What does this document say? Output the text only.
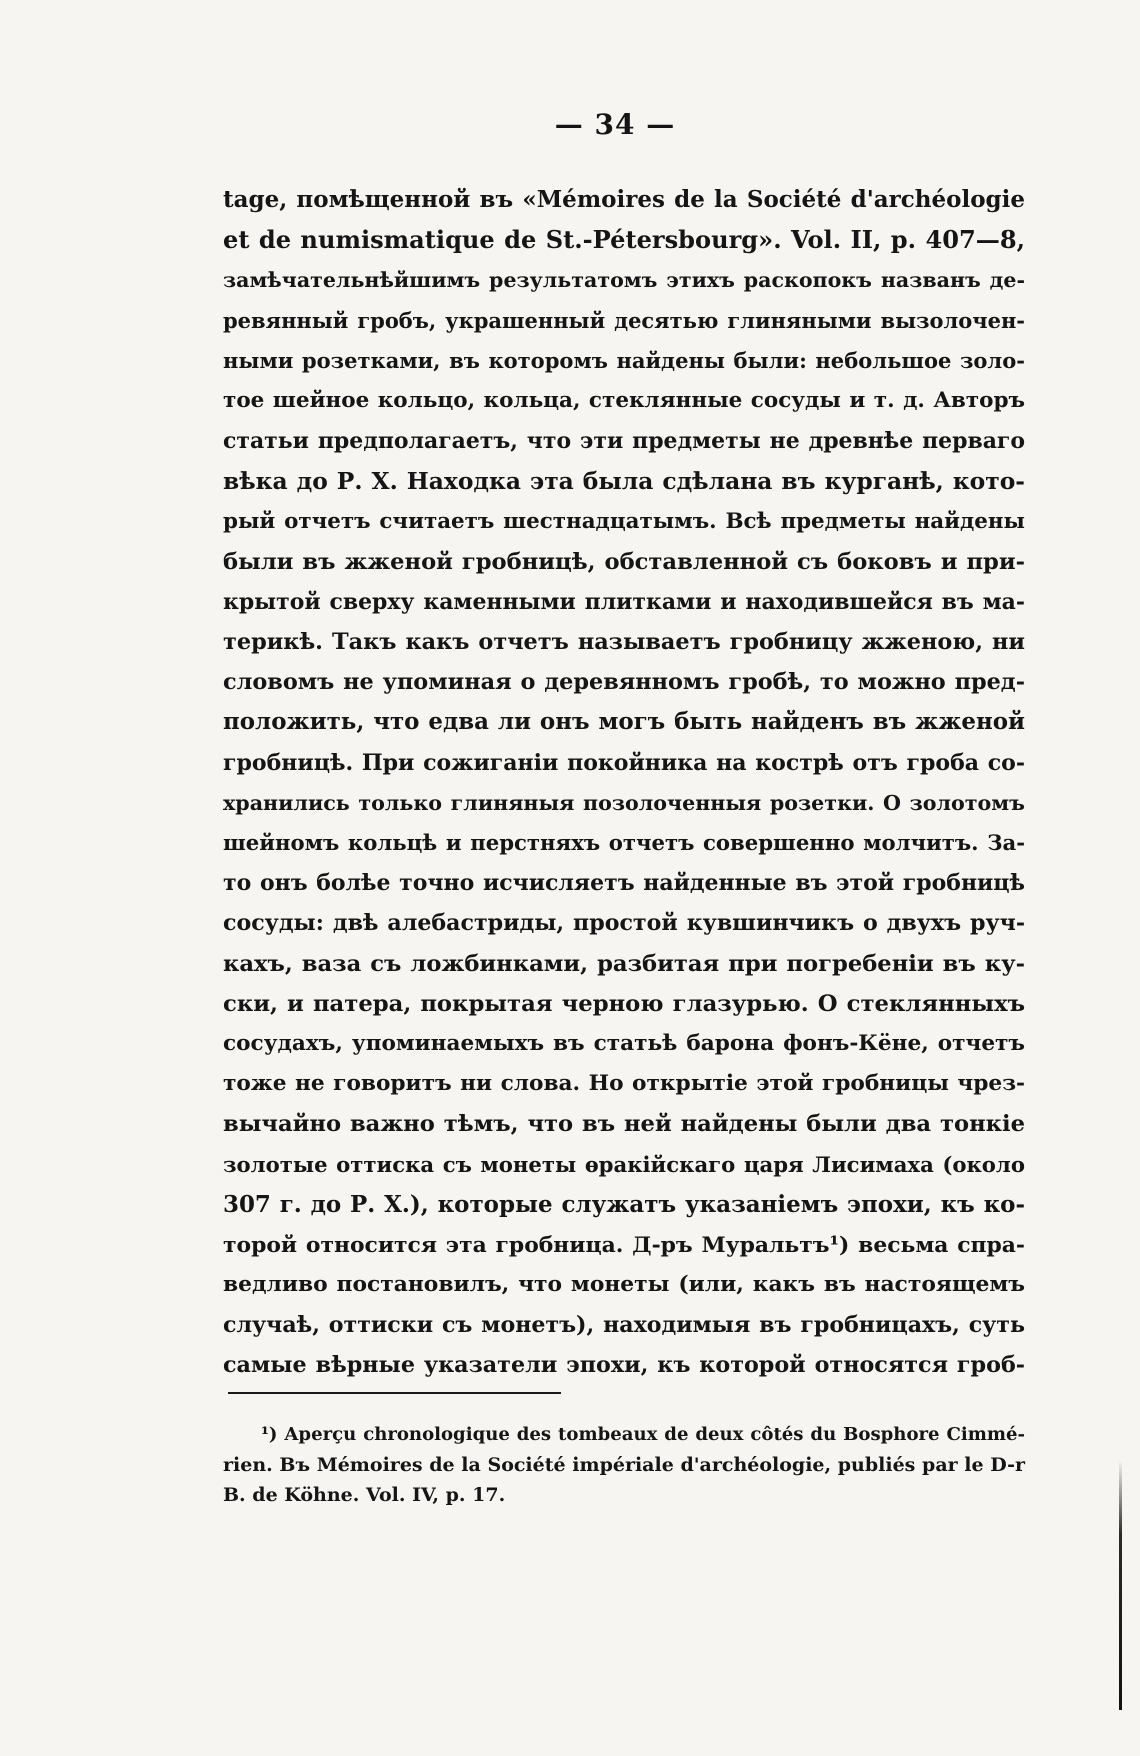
— 34 —
tage, помѣщенной въ «Mémoires de la Société d'archéologie
et de numismatique de St.-Pétersbourg». Vol. II, p. 407—8,
замѣчательнѣйшимъ результатомъ этихъ раскопокъ названъ де-
ревянный гробъ, украшенный десятью глиняными вызолочен-
ными розетками, въ которомъ найдены были: небольшое золо-
тое шейное кольцо, кольца, стеклянные сосуды и т. д. Авторъ
статьи предполагаетъ, что эти предметы не древнѣе перваго
вѣка до Р. Х. Находка эта была сдѣлана въ курганѣ, кото-
рый отчетъ считаетъ шестнадцатымъ. Всѣ предметы найдены
были въ жженой гробницѣ, обставленной съ боковъ и при-
крытой сверху каменными плитками и находившейся въ ма-
терикѣ. Такъ какъ отчетъ называетъ гробницу жженою, ни
словомъ не упоминая о деревянномъ гробѣ, то можно пред-
положить, что едва ли онъ могъ быть найденъ въ жженой
гробницѣ. При сожиганіи покойника на кострѣ отъ гроба со-
хранились только глиняныя позолоченныя розетки. О золотомъ
шейномъ кольцѣ и перстняхъ отчетъ совершенно молчитъ. За-
то онъ болѣе точно исчисляетъ найденные въ этой гробницѣ
сосуды: двѣ алебастриды, простой кувшинчикъ о двухъ руч-
кахъ, ваза съ ложбинками, разбитая при погребеніи въ ку-
ски, и патера, покрытая черною глазурью. О стеклянныхъ
сосудахъ, упоминаемыхъ въ статьѣ барона фонъ-Кёне, отчетъ
тоже не говоритъ ни слова. Но открытіе этой гробницы чрез-
вычайно важно тѣмъ, что въ ней найдены были два тонкіе
золотые оттиска съ монеты ѳракійскаго царя Лисимаха (около
307 г. до Р. Х.), которые служатъ указаніемъ эпохи, къ ко-
торой относится эта гробница. Д-ръ Муральтъ¹) весьма спра-
ведливо постановилъ, что монеты (или, какъ въ настоящемъ
случаѣ, оттиски съ монетъ), находимыя въ гробницахъ, суть
самые вѣрные указатели эпохи, къ которой относятся гроб-
¹) Aperçu chronologique des tombeaux de deux côtés du Bosphore Cimmé-
rien. Въ Mémoires de la Société impériale d'archéologie, publiés par le D-r
B. de Köhne. Vol. IV, p. 17.
